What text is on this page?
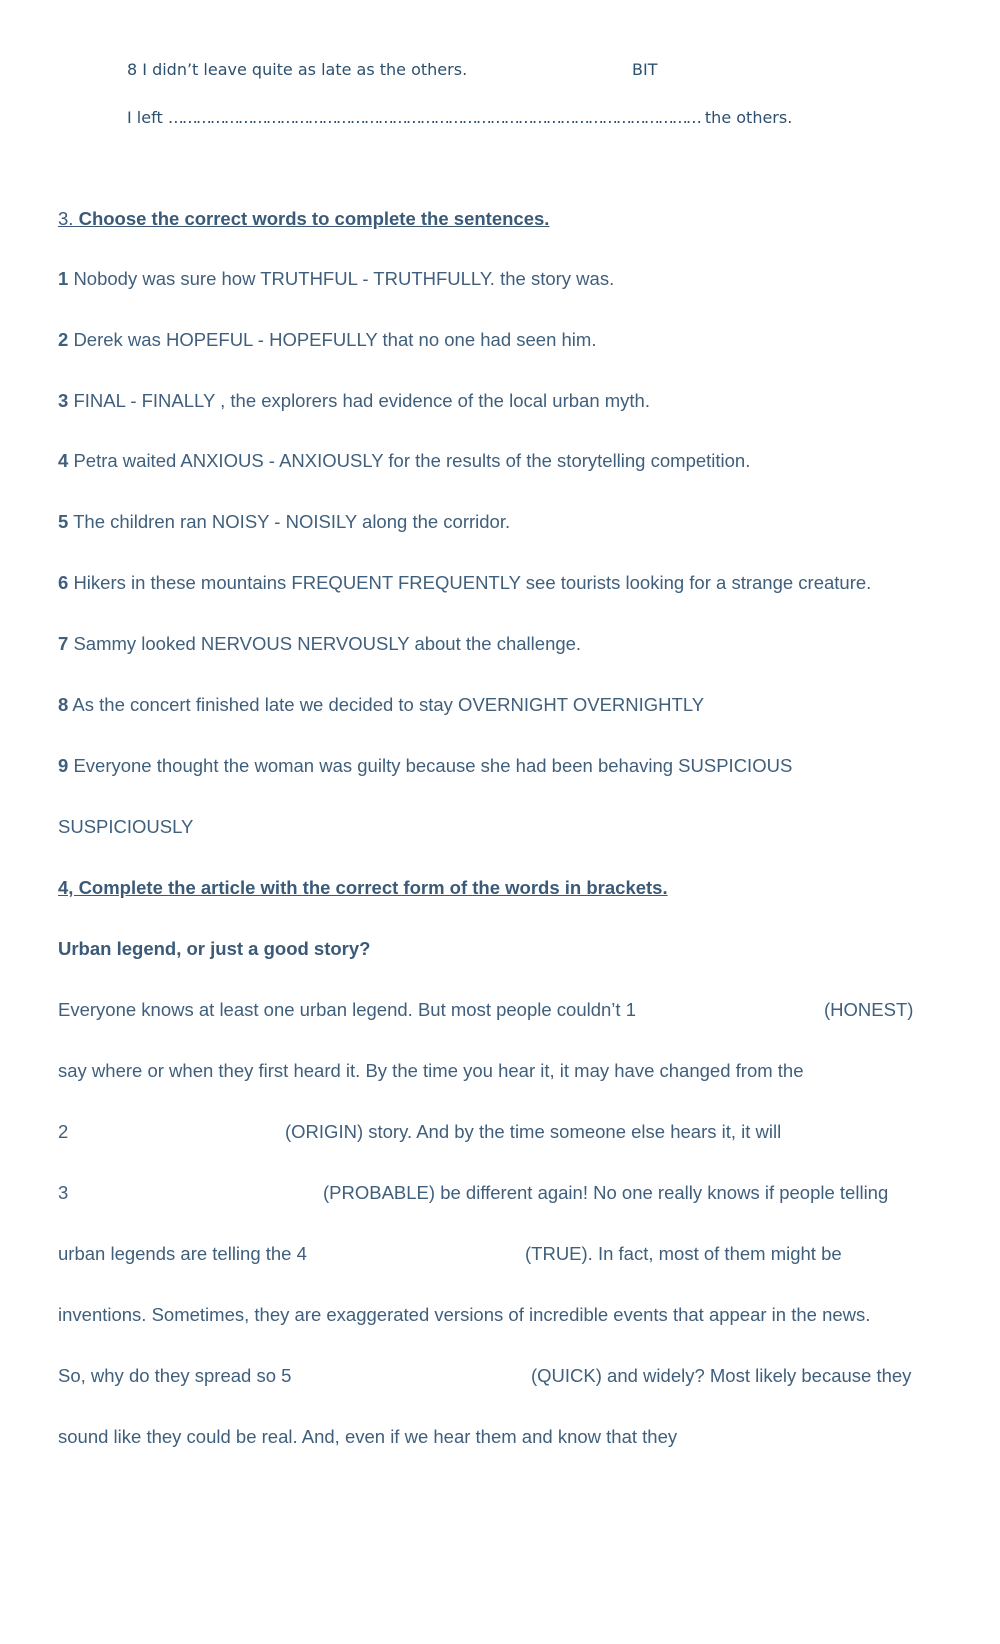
8 I didn’t leave quite as late as the others.	BIT
I left …………………………………………………………………………………………………… the others.
3. Choose the correct words to complete the sentences.
1 Nobody was sure how TRUTHFUL - TRUTHFULLY. the story was.
2 Derek was HOPEFUL - HOPEFULLY that no one had seen him.
3 FINAL - FINALLY , the explorers had evidence of the local urban myth.
4 Petra waited ANXIOUS - ANXIOUSLY for the results of the storytelling competition.
5 The children ran NOISY - NOISILY along the corridor.
6 Hikers in these mountains FREQUENT FREQUENTLY see tourists looking for a strange creature.
7 Sammy looked NERVOUS NERVOUSLY about the challenge.
8 As the concert finished late we decided to stay OVERNIGHT OVERNIGHTLY
9 Everyone thought the woman was guilty because she had been behaving SUSPICIOUS
SUSPICIOUSLY
4, Complete the article with the correct form of the words in brackets.
Urban legend, or just a good story?
Everyone knows at least one urban legend. But most people couldn’t 1	(HONEST)
say where or when they first heard it. By the time you hear it, it may have changed from the
2	(ORIGIN) story. And by the time someone else hears it, it will
3	(PROBABLE) be different again! No one really knows if people telling
urban legends are telling the 4	(TRUE). In fact, most of them might be
inventions. Sometimes, they are exaggerated versions of incredible events that appear in the news.
So, why do they spread so 5	(QUICK) and widely? Most likely because they
sound like they could be real. And, even if we hear them and know that they
